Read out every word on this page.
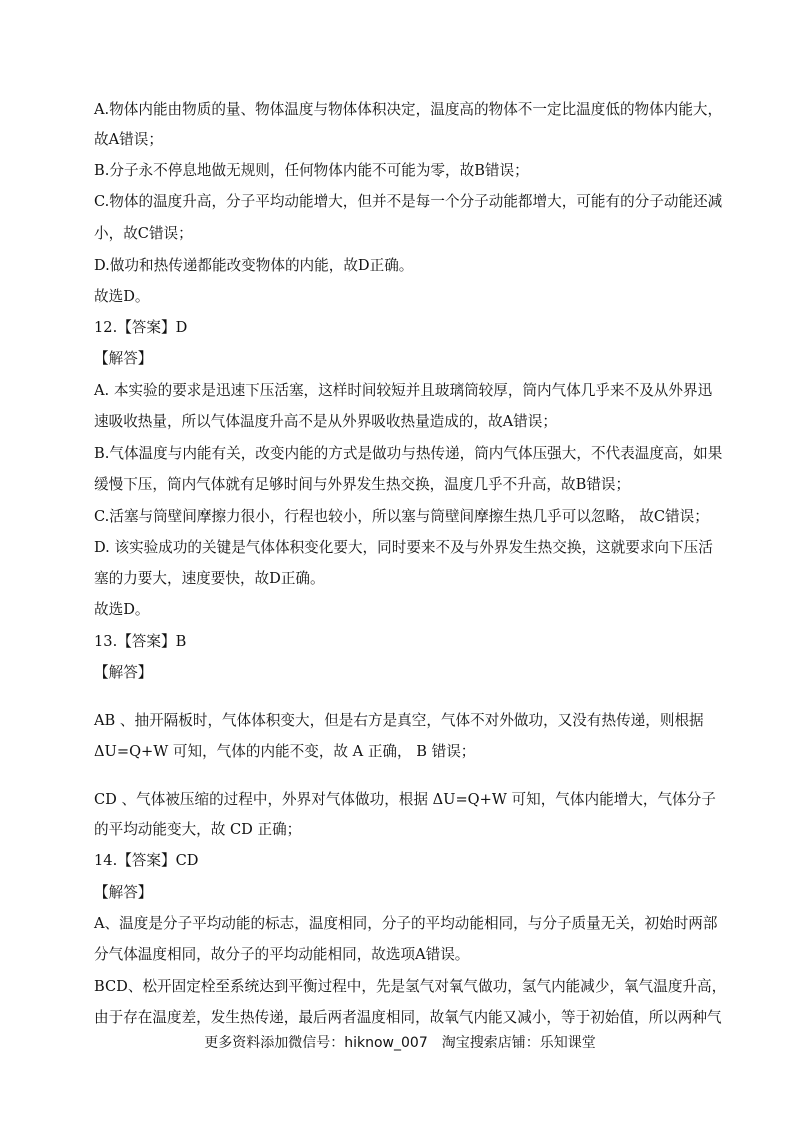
A.物体内能由物质的量、物体温度与物体体积决定，温度高的物体不一定比温度低的物体内能大，
故A错误；
B.分子永不停息地做无规则，任何物体内能不可能为零，故B错误；
C.物体的温度升高，分子平均动能增大，但并不是每一个分子动能都增大，可能有的分子动能还减
小，故C错误；
D.做功和热传递都能改变物体的内能，故D正确。
故选D。
12.【答案】D
【解答】
A. 本实验的要求是迅速下压活塞，这样时间较短并且玻璃筒较厚，筒内气体几乎来不及从外界迅
速吸收热量，所以气体温度升高不是从外界吸收热量造成的，故A错误；
B.气体温度与内能有关，改变内能的方式是做功与热传递，筒内气体压强大，不代表温度高，如果
缓慢下压，筒内气体就有足够时间与外界发生热交换，温度几乎不升高，故B错误；
C.活塞与筒壁间摩擦力很小，行程也较小，所以塞与筒壁间摩擦生热几乎可以忽略， 故C错误；
D. 该实验成功的关键是气体体积变化要大，同时要来不及与外界发生热交换，这就要求向下压活
塞的力要大，速度要快，故D正确。
故选D。
13.【答案】B
【解答】
AB 、抽开隔板时，气体体积变大，但是右方是真空，气体不对外做功，又没有热传递，则根据
ΔU=Q+W 可知，气体的内能不变，故 A 正确， B 错误；
CD 、气体被压缩的过程中，外界对气体做功，根据 ΔU=Q+W 可知，气体内能增大，气体分子
的平均动能变大，故 CD 正确；
14.【答案】CD
【解答】
A、温度是分子平均动能的标志，温度相同，分子的平均动能相同，与分子质量无关，初始时两部
分气体温度相同，故分子的平均动能相同，故选项A错误。
BCD、松开固定栓至系统达到平衡过程中，先是氢气对氧气做功，氢气内能减少，氧气温度升高，
由于存在温度差，发生热传递，最后两者温度相同，故氧气内能又减小，等于初始值，所以两种气
更多资料添加微信号：hiknow_007　淘宝搜索店铺：乐知课堂
